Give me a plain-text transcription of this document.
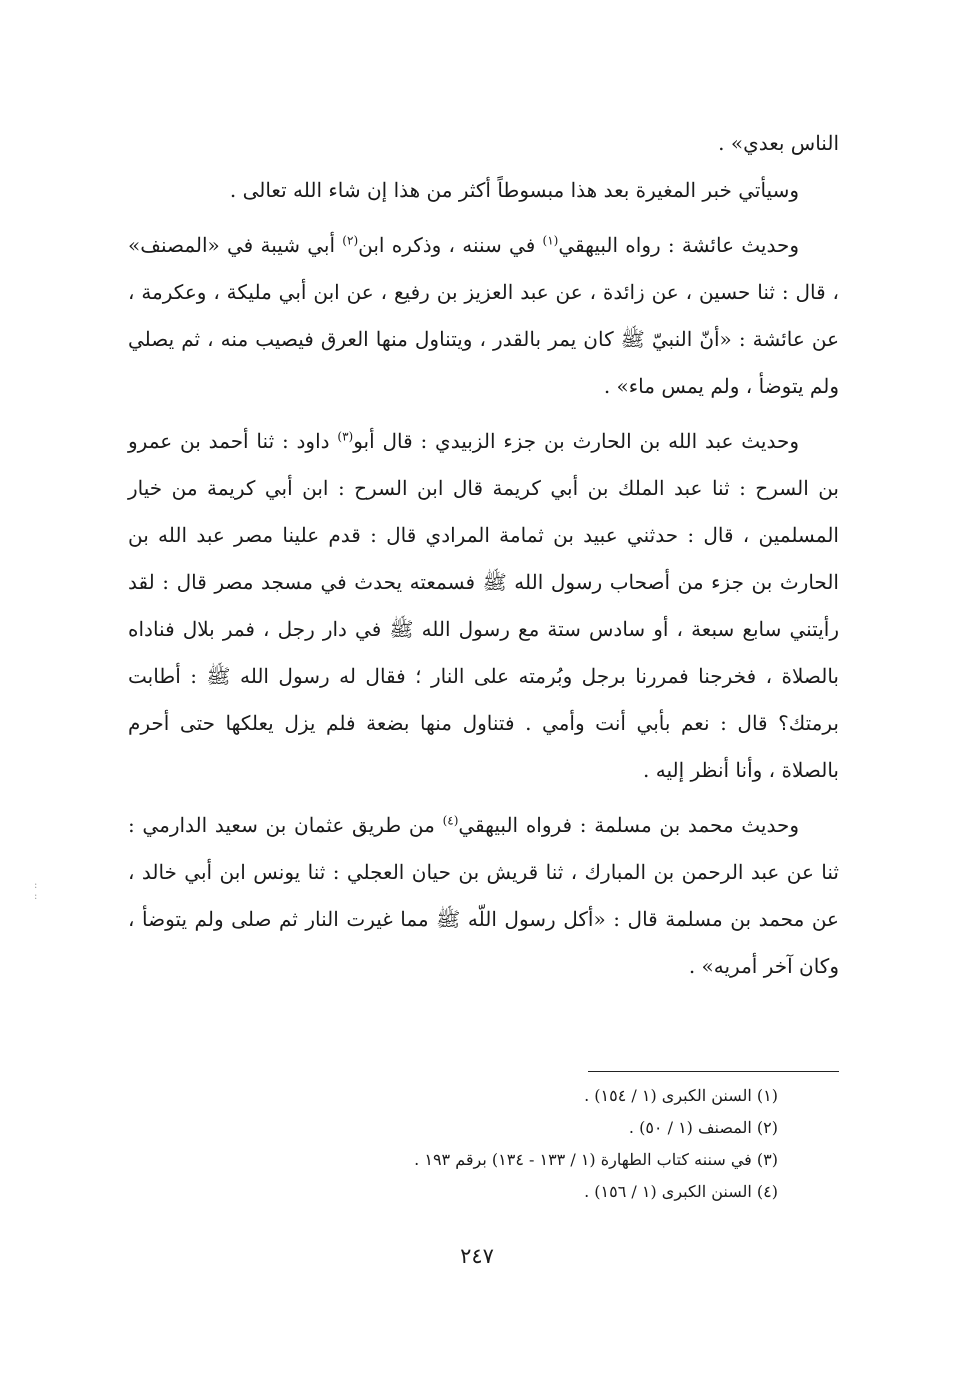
الناس بعدي» .

وسيأتي خبر المغيرة بعد هذا مبسوطاً أكثر من هذا إن شاء الله تعالى .

وحديث عائشة : رواه البيهقي$^{(١)}$ في سننه ، وذكره ابن$^{(٢)}$ أبي شيبة في «المصنف» ، قال : ثنا حسين ، عن زائدة ، عن عبد العزيز بن رفيع ، عن ابن أبي مليكة ، وعكرمة ، عن عائشة : «أنّ النبيّ ﷺ كان يمر بالقدر ، ويتناول منها العرق فيصيب منه ، ثم يصلي ولم يتوضأ ، ولم يمس ماء» .

وحديث عبد الله بن الحارث بن جزء الزبيدي : قال أبو$^{(٣)}$ داود : ثنا أحمد بن عمرو بن السرح : ثنا عبد الملك بن أبي كريمة قال ابن السرح : ابن أبي كريمة من خيار المسلمين ، قال : حدثني عبيد بن ثمامة المرادي قال : قدم علينا مصر عبد الله بن الحارث بن جزء من أصحاب رسول الله ﷺ فسمعته يحدث في مسجد مصر قال : لقد رأيتني سابع سبعة ، أو سادس ستة مع رسول الله ﷺ في دار رجل ، فمر بلال فناداه بالصلاة ، فخرجنا فمررنا برجل وبُرمته على النار ؛ فقال له رسول الله ﷺ : أطابت برمتك؟ قال : نعم بأبي أنت وأمي . فتناول منها بضعة فلم يزل يعلكها حتى أحرم بالصلاة ، وأنا أنظر إليه .

وحديث محمد بن مسلمة : فرواه البيهقي$^{(٤)}$ من طريق عثمان بن سعيد الدارمي : ثنا عن عبد الرحمن بن المبارك ، ثنا قريش بن حيان العجلي : ثنا يونس ابن أبي خالد ، عن محمد بن مسلمة قال : «أكل رسول اللّه ﷺ مما غيرت النار ثم صلى ولم يتوضأ ، وكان آخر أمريه» .

(١) السنن الكبرى (١ / ١٥٤) .

(٢) المصنف (١ / ٥٠) .

(٣) في سننه كتاب الطهارة (١ / ١٣٣ - ١٣٤) برقم ١٩٣ .

(٤) السنن الكبرى (١ / ١٥٦) .

٢٤٧
:
:
